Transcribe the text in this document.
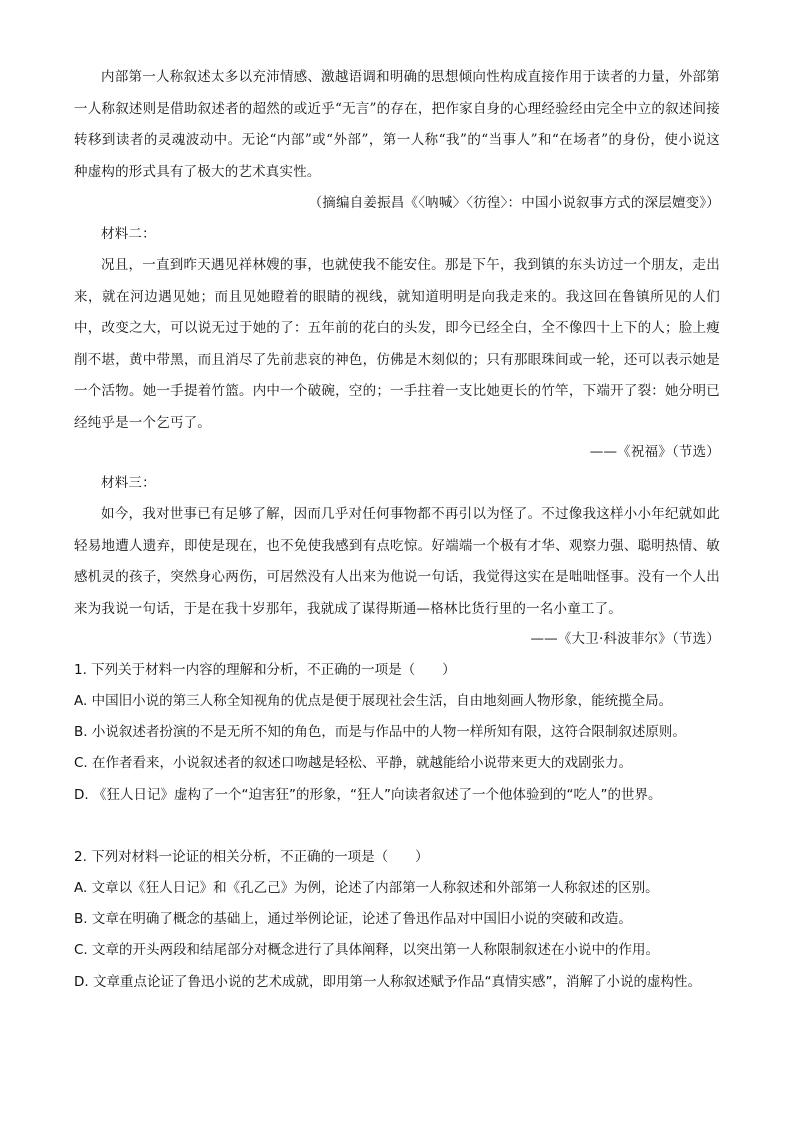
内部第一人称叙述太多以充沛情感、激越语调和明确的思想倾向性构成直接作用于读者的力量，外部第一人称叙述则是借助叙述者的超然的或近乎“无言”的存在，把作家自身的心理经验经由完全中立的叙述间接转移到读者的灵魂波动中。无论“内部”或“外部”，第一人称“我”的“当事人”和“在场者”的身份，使小说这种虚构的形式具有了极大的艺术真实性。

（摘编自姜振昌《〈呐喊〉〈彷徨〉：中国小说叙事方式的深层嬗变》）

材料二：

况且，一直到昨天遇见祥林嫂的事，也就使我不能安住。那是下午，我到镇的东头访过一个朋友，走出来，就在河边遇见她；而且见她瞪着的眼睛的视线，就知道明明是向我走来的。我这回在鲁镇所见的人们中，改变之大，可以说无过于她的了：五年前的花白的头发，即今已经全白，全不像四十上下的人；脸上瘦削不堪，黄中带黑，而且消尽了先前悲哀的神色，仿佛是木刻似的；只有那眼珠间或一轮，还可以表示她是一个活物。她一手提着竹篮。内中一个破碗，空的；一手拄着一支比她更长的竹竿，下端开了裂：她分明已经纯乎是一个乞丐了。

——《祝福》（节选）

材料三：

如今，我对世事已有足够了解，因而几乎对任何事物都不再引以为怪了。不过像我这样小小年纪就如此轻易地遭人遗弃，即使是现在，也不免使我感到有点吃惊。好端端一个极有才华、观察力强、聪明热情、敏感机灵的孩子，突然身心两伤，可居然没有人出来为他说一句话，我觉得这实在是咄咄怪事。没有一个人出来为我说一句话，于是在我十岁那年，我就成了谋得斯通—格林比货行里的一名小童工了。

——《大卫·科波菲尔》（节选）

1. 下列关于材料一内容的理解和分析，不正确的一项是（　　）

A. 中国旧小说的第三人称全知视角的优点是便于展现社会生活，自由地刻画人物形象，能统揽全局。

B. 小说叙述者扮演的不是无所不知的角色，而是与作品中的人物一样所知有限，这符合限制叙述原则。

C. 在作者看来，小说叙述者的叙述口吻越是轻松、平静，就越能给小说带来更大的戏剧张力。

D. 《狂人日记》虚构了一个“迫害狂”的形象，“狂人”向读者叙述了一个他体验到的“吃人”的世界。

2. 下列对材料一论证的相关分析，不正确的一项是（　　）

A. 文章以《狂人日记》和《孔乙己》为例，论述了内部第一人称叙述和外部第一人称叙述的区别。

B. 文章在明确了概念的基础上，通过举例论证，论述了鲁迅作品对中国旧小说的突破和改造。

C. 文章的开头两段和结尾部分对概念进行了具体阐释，以突出第一人称限制叙述在小说中的作用。

D. 文章重点论证了鲁迅小说的艺术成就，即用第一人称叙述赋予作品“真情实感”，消解了小说的虚构性。
